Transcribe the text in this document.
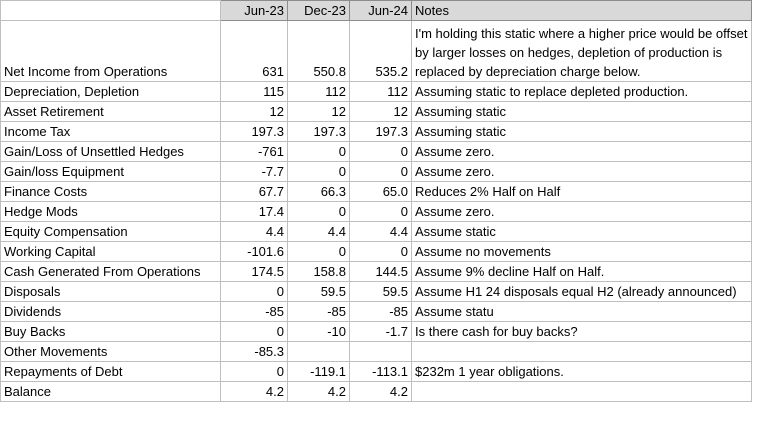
	Jun-23	Dec-23	Jun-24	Notes
Net Income from Operations	631	550.8	535.2	I'm holding this static where a higher price would be offset by larger losses on hedges, depletion of production is replaced by depreciation charge below.
Depreciation, Depletion	115	112	112	Assuming static to replace depleted production.
Asset Retirement	12	12	12	Assuming static
Income Tax	197.3	197.3	197.3	Assuming static
Gain/Loss of Unsettled Hedges	-761	0	0	Assume zero.
Gain/loss Equipment	-7.7	0	0	Assume zero.
Finance Costs	67.7	66.3	65.0	Reduces 2% Half on Half
Hedge Mods	17.4	0	0	Assume zero.
Equity Compensation	4.4	4.4	4.4	Assume static
Working Capital	-101.6	0	0	Assume no movements
Cash Generated From Operations	174.5	158.8	144.5	Assume 9% decline Half on Half.
Disposals	0	59.5	59.5	Assume H1 24 disposals equal H2 (already announced)
Dividends	-85	-85	-85	Assume statu
Buy Backs	0	-10	-1.7	Is there cash for buy backs?
Other Movements	-85.3			
Repayments of Debt	0	-119.1	-113.1	$232m 1 year obligations.
Balance	4.2	4.2	4.2	
